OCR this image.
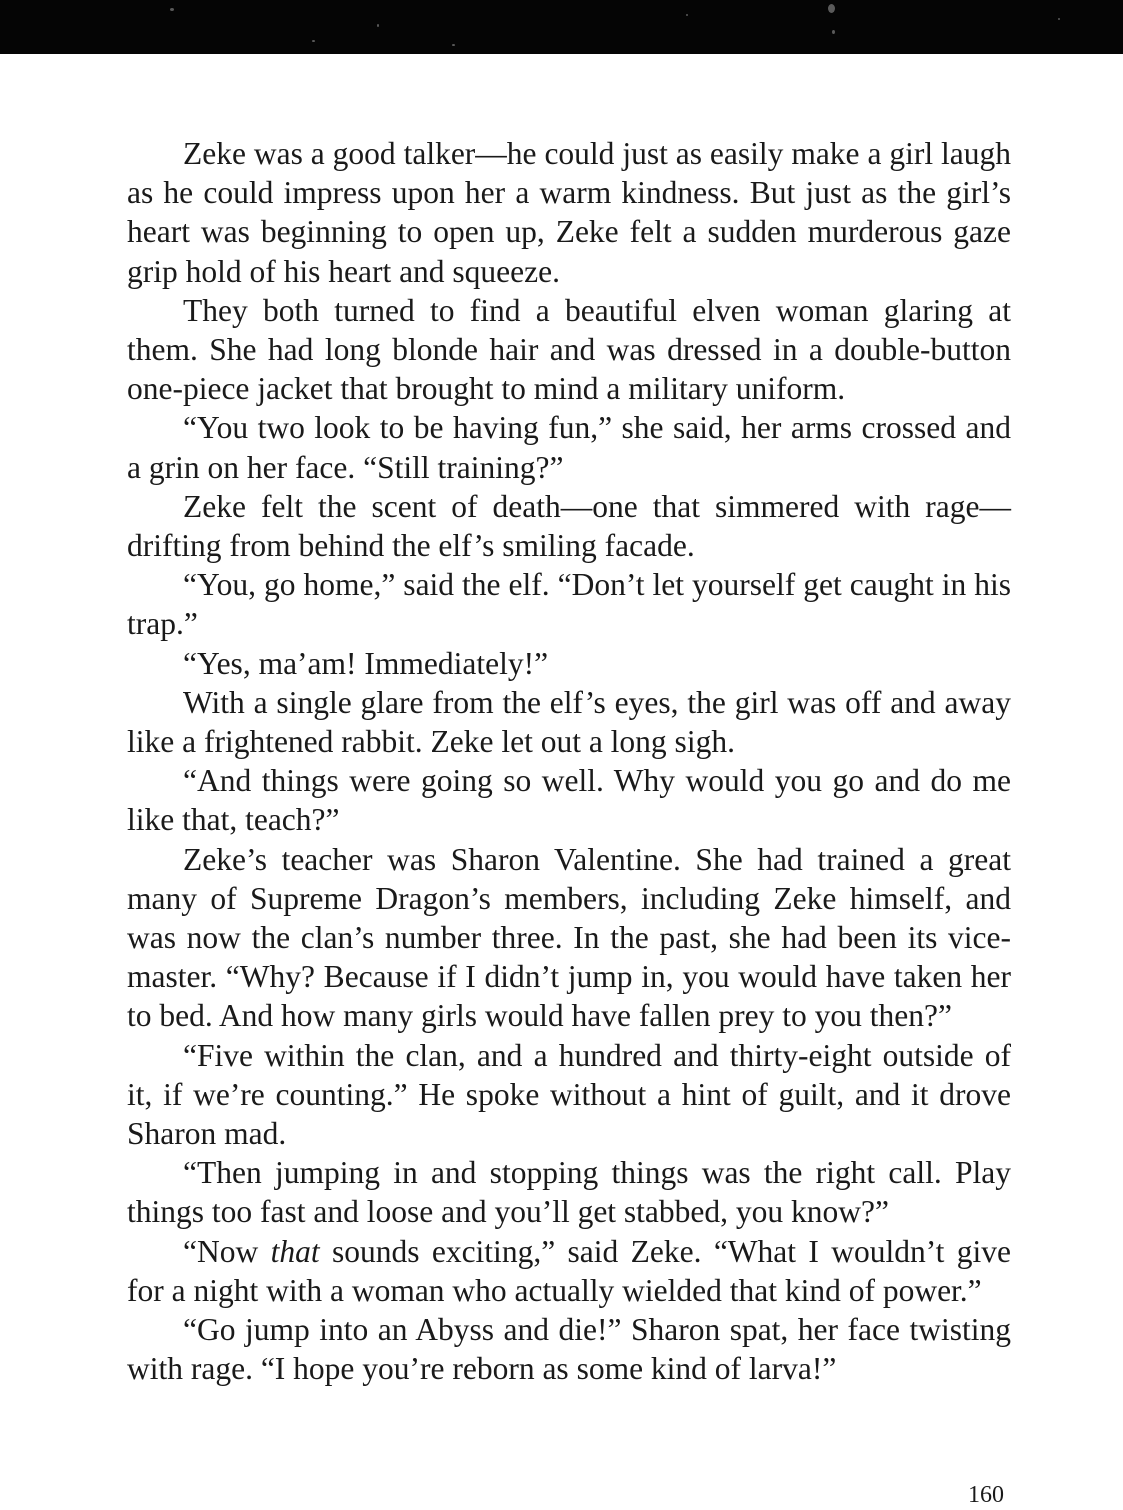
Zeke was a good talker—he could just as easily make a girl laugh as he could impress upon her a warm kindness. But just as the girl’s heart was beginning to open up, Zeke felt a sudden murderous gaze grip hold of his heart and squeeze.

They both turned to find a beautiful elven woman glaring at them. She had long blonde hair and was dressed in a double-button one-piece jacket that brought to mind a military uniform.

“You two look to be having fun,” she said, her arms crossed and a grin on her face. “Still training?”

Zeke felt the scent of death—one that simmered with rage—drifting from behind the elf’s smiling facade.

“You, go home,” said the elf. “Don’t let yourself get caught in his trap.”

“Yes, ma’am! Immediately!”

With a single glare from the elf’s eyes, the girl was off and away like a frightened rabbit. Zeke let out a long sigh.

“And things were going so well. Why would you go and do me like that, teach?”

Zeke’s teacher was Sharon Valentine. She had trained a great many of Supreme Dragon’s members, including Zeke himself, and was now the clan’s number three. In the past, she had been its vice-master. “Why? Because if I didn’t jump in, you would have taken her to bed. And how many girls would have fallen prey to you then?”

“Five within the clan, and a hundred and thirty-eight outside of it, if we’re counting.” He spoke without a hint of guilt, and it drove Sharon mad.

“Then jumping in and stopping things was the right call. Play things too fast and loose and you’ll get stabbed, you know?”

“Now that sounds exciting,” said Zeke. “What I wouldn’t give for a night with a woman who actually wielded that kind of power.”

“Go jump into an Abyss and die!” Sharon spat, her face twisting with rage. “I hope you’re reborn as some kind of larva!”

160
